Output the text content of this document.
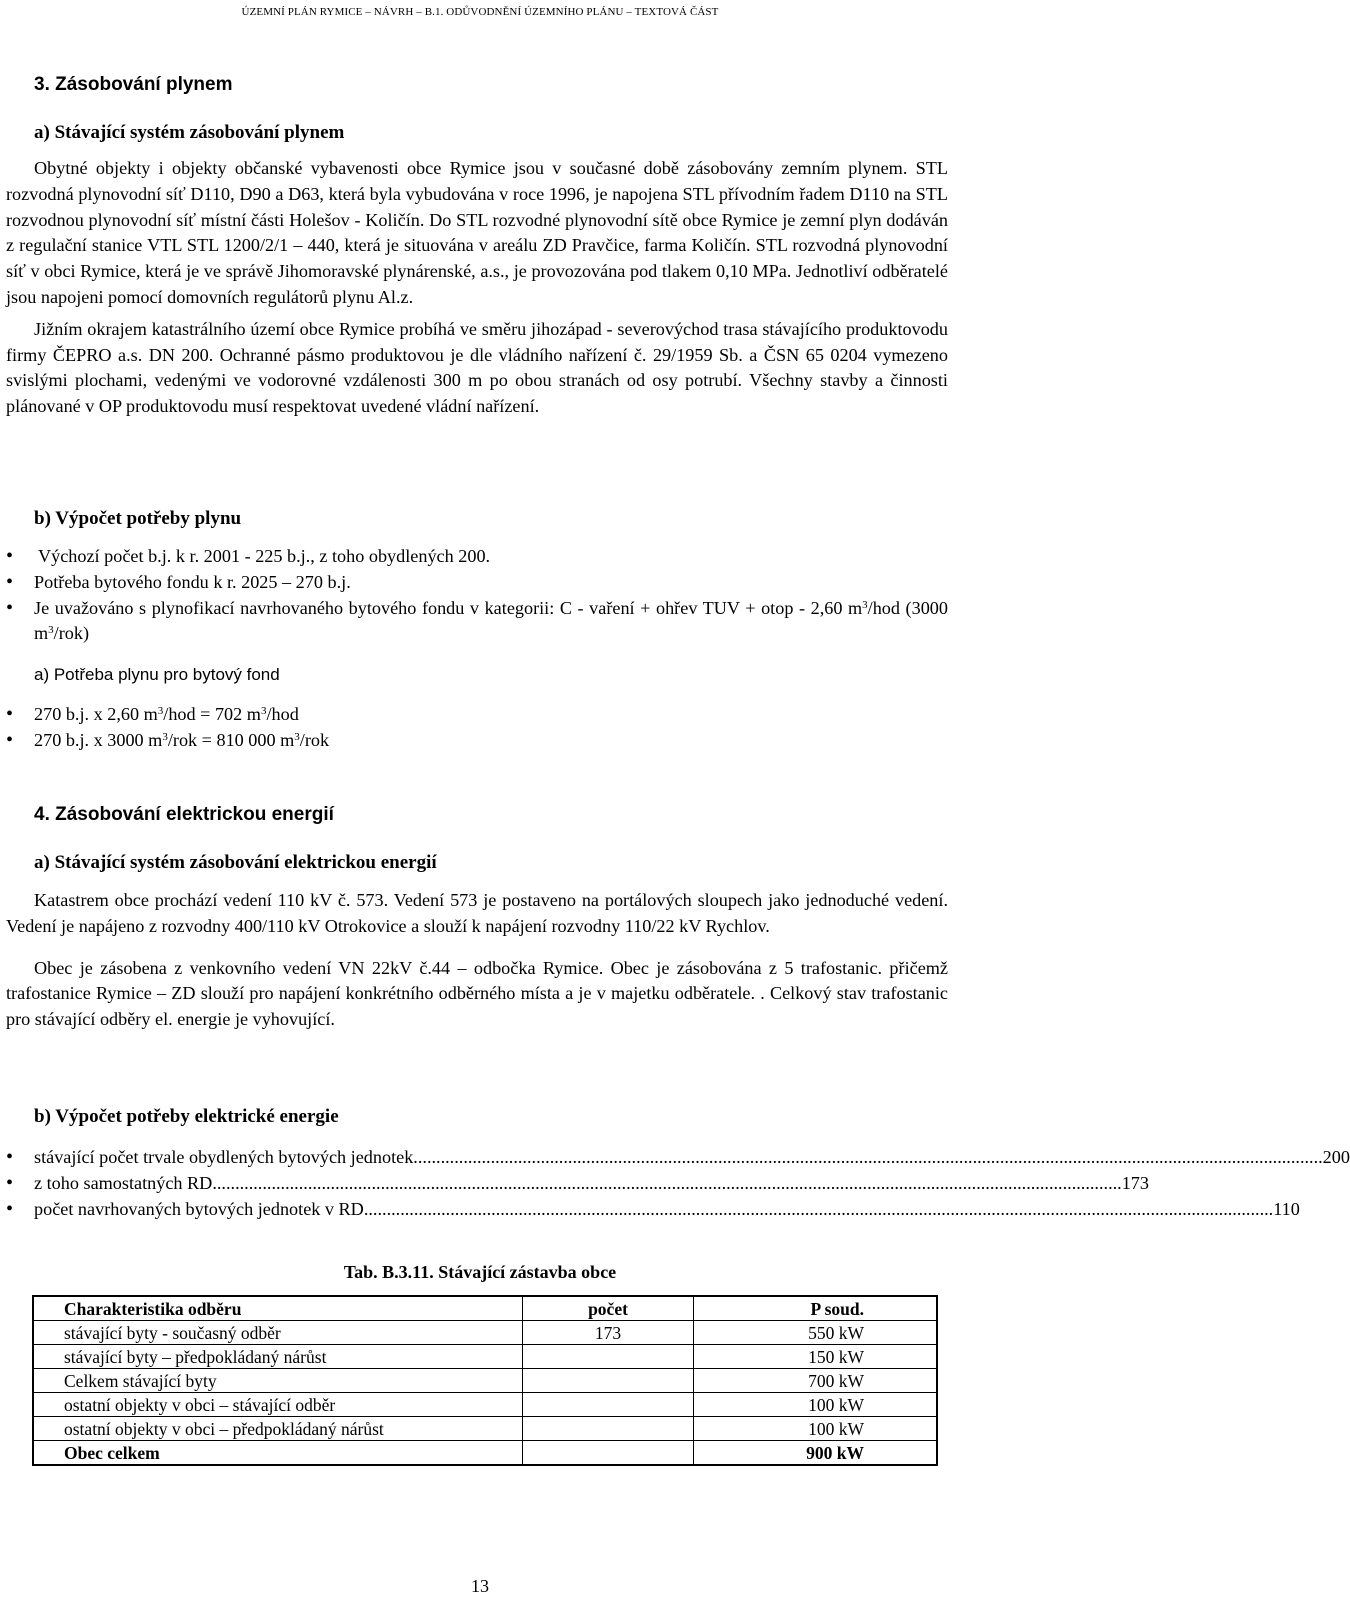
ÚZEMNÍ PLÁN RYMICE – NÁVRH – B.1. ODŮVODNĚNÍ ÚZEMNÍHO PLÁNU – TEXTOVÁ ČÁST
3. Zásobování plynem
a) Stávající systém zásobování plynem

Obytné objekty i objekty občanské vybavenosti obce Rymice jsou v současné době zásobovány zemním plynem. STL rozvodná plynovodní síť D110, D90 a D63, která byla vybudována v roce 1996, je napojena STL přívodním řadem D110 na STL rozvodnou plynovodní síť místní části Holešov - Količín. Do STL rozvodné plynovodní sítě obce Rymice je zemní plyn dodáván z regulační stanice VTL STL 1200/2/1 – 440, která je situována v areálu ZD Pravčice, farma Količín. STL rozvodná plynovodní síť v obci Rymice, která je ve správě Jihomoravské plynárenské, a.s., je provozována pod tlakem 0,10 MPa. Jednotliví odběratelé jsou napojeni pomocí domovních regulátorů plynu Al.z.

Jižním okrajem katastrálního území obce Rymice probíhá ve směru jihozápad - severovýchod trasa stávajícího produktovodu firmy ČEPRO a.s. DN 200. Ochranné pásmo produktovou je dle vládního nařízení č. 29/1959 Sb. a ČSN 65 0204 vymezeno svislými plochami, vedenými ve vodorovné vzdálenosti 300 m po obou stranách od osy potrubí. Všechny stavby a činnosti plánované v OP produktovodu musí respektovat uvedené vládní nařízení.

b) Výpočet potřeby plynu
• Výchozí počet b.j. k r. 2001 - 225 b.j., z toho obydlených 200.
• Potřeba bytového fondu k r. 2025 – 270 b.j.
• Je uvažováno s plynofikací navrhovaného bytového fondu v kategorii: C - vaření + ohřev TUV + otop - 2,60 $m^3$/hod (3000 $m^3/rok$)
a) Potřeba plynu pro bytový fond
• 270 b.j. x 2,60 $m^3$/hod = 702 $m^3$/hod
• 270 b.j. x 3000 $m^3$/rok = 810 000 $m^3$/rok
4. Zásobování elektrickou energií
a) Stávající systém zásobování elektrickou energií

Katastrem obce prochází vedení 110 kV č. 573. Vedení 573 je postaveno na portálových sloupech jako jednoduché vedení. Vedení je napájeno z rozvodny 400/110 kV Otrokovice a slouží k napájení rozvodny 110/22 kV Rychlov.

Obec je zásobena z venkovního vedení VN 22kV č.44 – odbočka Rymice. Obec je zásobována z 5 trafostanic. přičemž trafostanice Rymice – ZD slouží pro napájení konkrétního odběrného místa a je v majetku odběratele. . Celkový stav trafostanic pro stávající odběry el. energie je vyhovující.

b) Výpočet potřeby elektrické energie
• stávající počet trvale obydlených bytových jednotek ........................................................................................................................................................................................................ 200
• z toho samostatných RD ........................................................................................................................................................................................................ 173
• počet navrhovaných bytových jednotek v RD ........................................................................................................................................................................................................ 110
Tab. B.3.11. Stávající zástavba obce
Charakteristika odběru	počet	P soud.
stávající byty - současný odběr	173	550 kW
stávající byty – předpokládaný nárůst		150 kW
Celkem stávající byty		700 kW
ostatní objekty v obci – stávající odběr		100 kW
ostatní objekty v obci – předpokládaný nárůst		100 kW
Obec celkem		900 kW
13
